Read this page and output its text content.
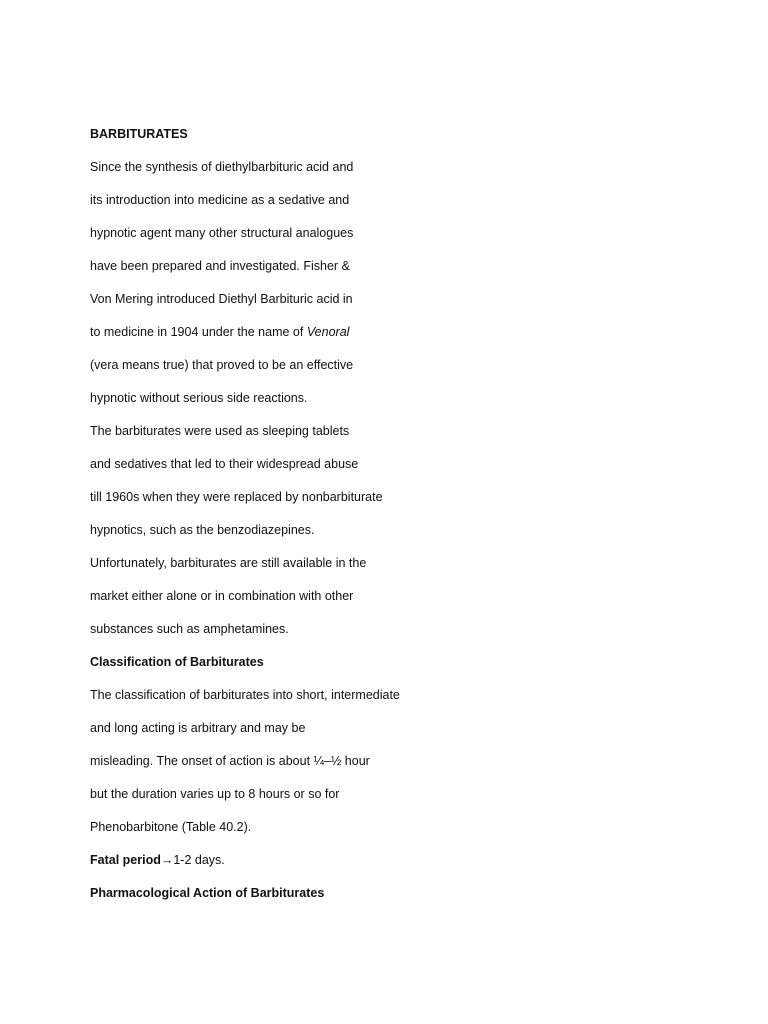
BARBITURATES
Since the synthesis of diethylbarbituric acid and
its introduction into medicine as a sedative and
hypnotic agent many other structural analogues
have been prepared and investigated. Fisher &
Von Mering introduced Diethyl Barbituric acid in
to medicine in 1904 under the name of Venoral
(vera means true) that proved to be an effective
hypnotic without serious side reactions.
The barbiturates were used as sleeping tablets
and sedatives that led to their widespread abuse
till 1960s when they were replaced by nonbarbiturate
hypnotics, such as the benzodiazepines.
Unfortunately, barbiturates are still available in the
market either alone or in combination with other
substances such as amphetamines.
Classification of Barbiturates
The classification of barbiturates into short, intermediate
and long acting is arbitrary and may be
misleading. The onset of action is about ¼–½ hour
but the duration varies up to 8 hours or so for
Phenobarbitone (Table 40.2).
Fatal period→1-2 days.
Pharmacological Action of Barbiturates
